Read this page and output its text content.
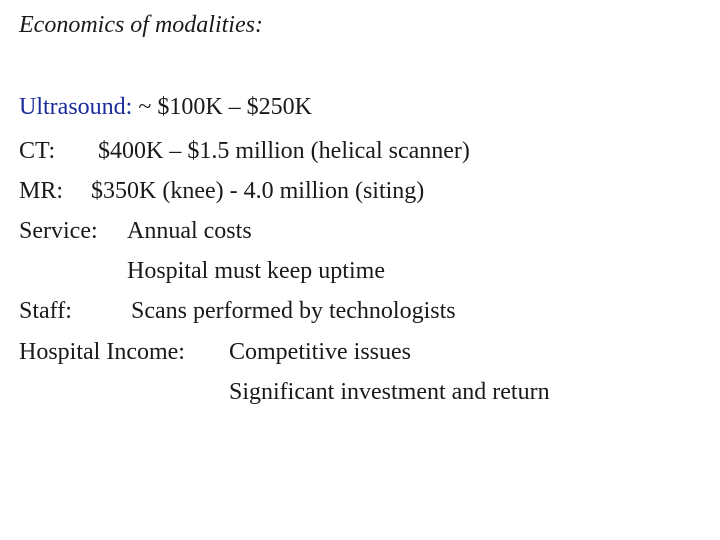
Economics of modalities:
Ultrasound: ~ $100K – $250K
CT: $400K – $1.5 million (helical scanner)
MR: $350K (knee) - 4.0 million (siting)
Service: Annual costs
Hospital must keep uptime
Staff: Scans performed by technologists
Hospital Income: Competitive issues
Significant investment and return
